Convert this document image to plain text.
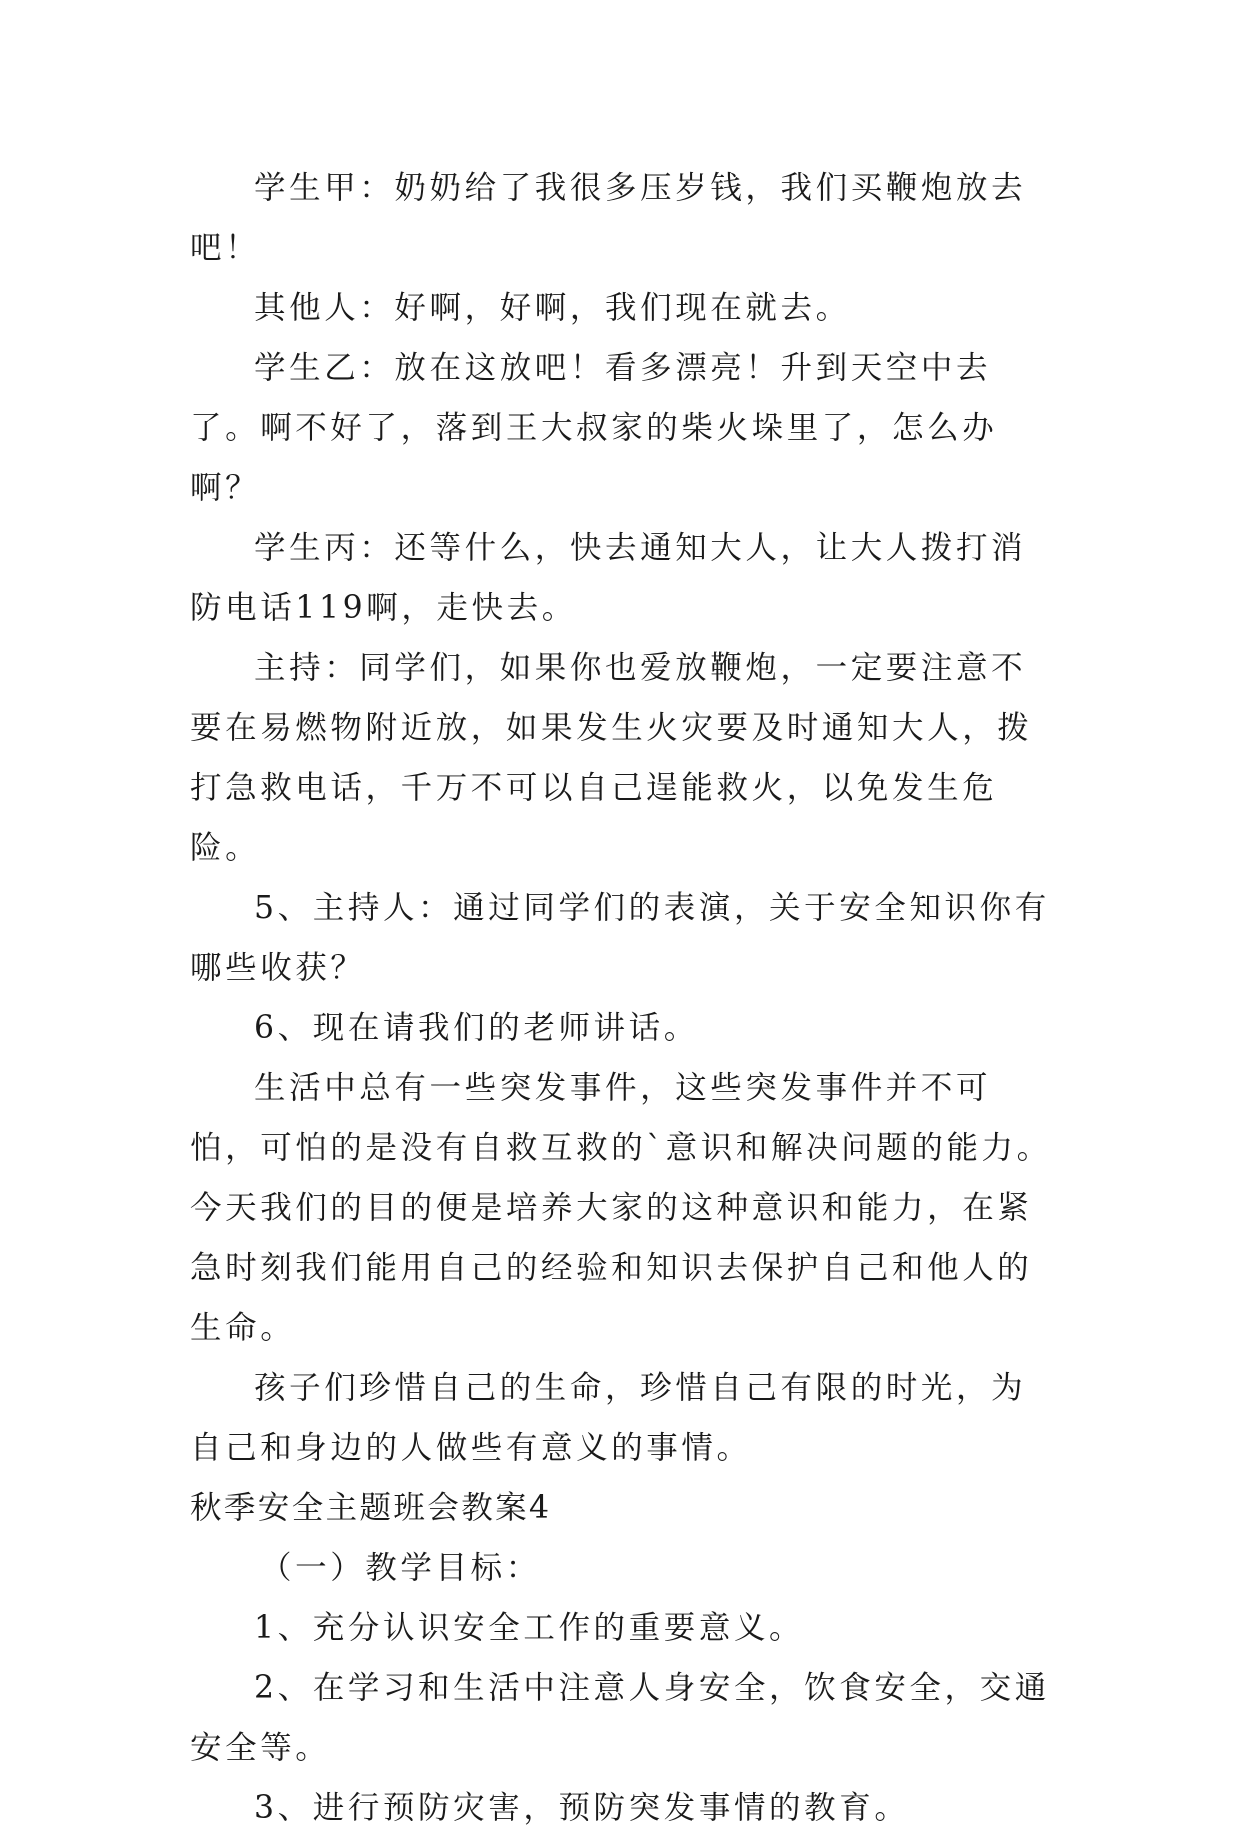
学生甲：奶奶给了我很多压岁钱，我们买鞭炮放去吧！

其他人：好啊，好啊，我们现在就去。

学生乙：放在这放吧！看多漂亮！升到天空中去了。啊不好了，落到王大叔家的柴火垛里了，怎么办啊？

学生丙：还等什么，快去通知大人，让大人拨打消防电话119啊，走快去。

主持：同学们，如果你也爱放鞭炮，一定要注意不要在易燃物附近放，如果发生火灾要及时通知大人，拨打急救电话，千万不可以自己逞能救火，以免发生危险。

5、主持人：通过同学们的表演，关于安全知识你有哪些收获？

6、现在请我们的老师讲话。

生活中总有一些突发事件，这些突发事件并不可怕，可怕的是没有自救互救的`意识和解决问题的能力。今天我们的目的便是培养大家的这种意识和能力，在紧急时刻我们能用自己的经验和知识去保护自己和他人的生命。

孩子们珍惜自己的生命，珍惜自己有限的时光，为自己和身边的人做些有意义的事情。

秋季安全主题班会教案4

（一）教学目标：

1、充分认识安全工作的重要意义。

2、在学习和生活中注意人身安全，饮食安全，交通安全等。

3、进行预防灾害，预防突发事情的教育。
